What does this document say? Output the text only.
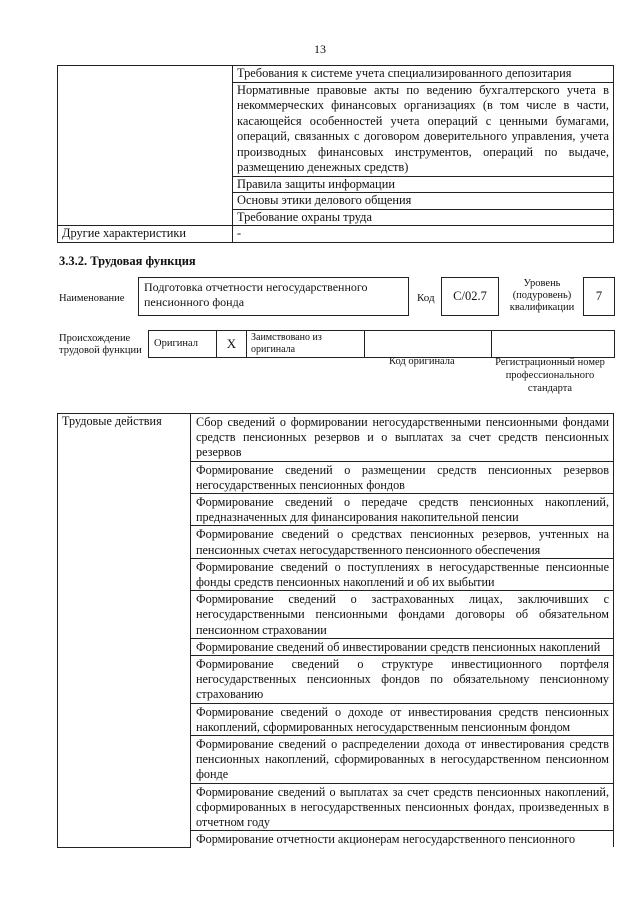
13
	Требования к системе учета специализированного депозитария
	Нормативные правовые акты по ведению бухгалтерского учета в некоммерческих финансовых организациях (в том числе в части, касающейся особенностей учета операций с ценными бумагами, операций, связанных с договором доверительного управления, учета производных финансовых инструментов, операций по выдаче, размещению денежных средств)
	Правила защиты информации
	Основы этики делового общения
	Требование охраны труда
Другие характеристики	-
3.3.2. Трудовая функция
Наименование
Подготовка отчетности негосударственного пенсионного фонда	Код	С/02.7
Уровень (подуровень) квалификации
7
Происхождение трудовой функции
Оригинал	X	Заимствовано из оригинала
Код оригинала	Регистрационный номер профессионального стандарта
Трудовые действия	Сбор сведений о формировании негосударственными пенсионными фондами средств пенсионных резервов и о выплатах за счет средств пенсионных резервов
Формирование сведений о размещении средств пенсионных резервов негосударственных пенсионных фондов
Формирование сведений о передаче средств пенсионных накоплений, предназначенных для финансирования накопительной пенсии
Формирование сведений о средствах пенсионных резервов, учтенных на пенсионных счетах негосударственного пенсионного обеспечения
Формирование сведений о поступлениях в негосударственные пенсионные фонды средств пенсионных накоплений и об их выбытии
Формирование сведений о застрахованных лицах, заключивших с негосударственными пенсионными фондами договоры об обязательном пенсионном страховании
Формирование сведений об инвестировании средств пенсионных накоплений
Формирование сведений о структуре инвестиционного портфеля негосударственных пенсионных фондов по обязательному пенсионному страхованию
Формирование сведений о доходе от инвестирования средств пенсионных накоплений, сформированных негосударственным пенсионным фондом
Формирование сведений о распределении дохода от инвестирования средств пенсионных накоплений, сформированных в негосударственном пенсионном фонде
Формирование сведений о выплатах за счет средств пенсионных накоплений, сформированных в негосударственных пенсионных фондах, произведенных в отчетном году
Формирование отчетности акционерам негосударственного пенсионного
